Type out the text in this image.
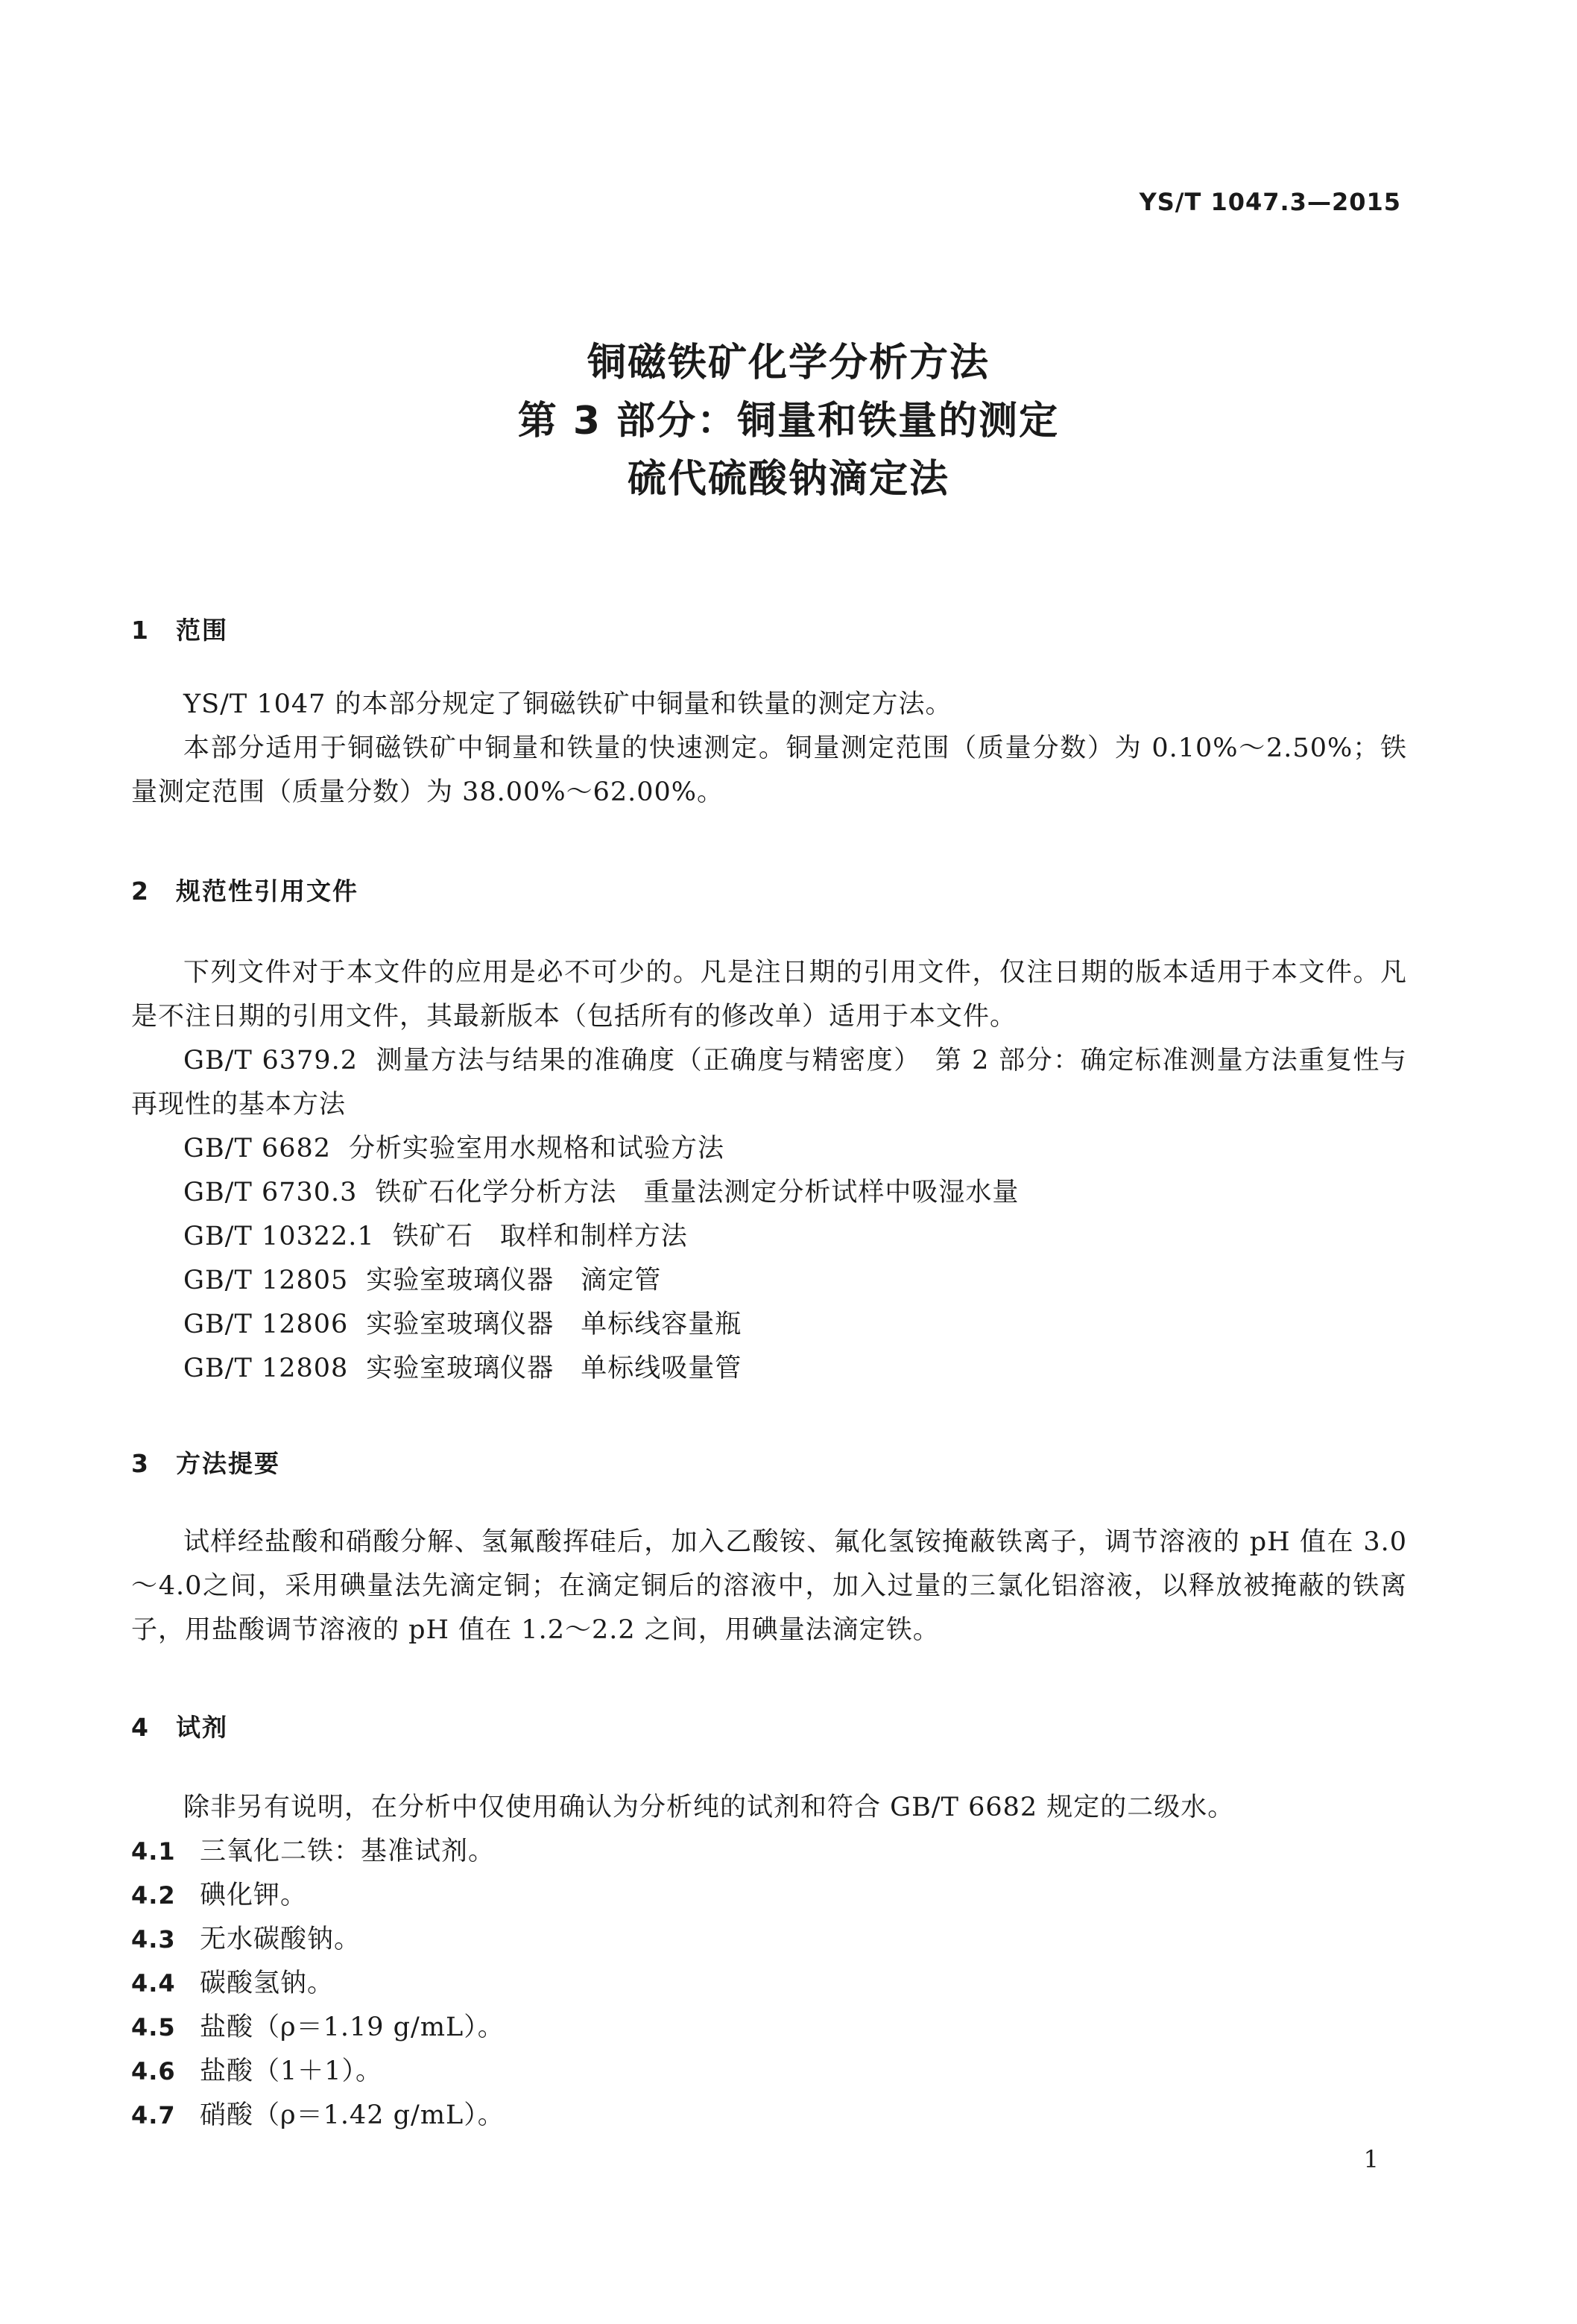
YS/T 1047.3—2015
铜磁铁矿化学分析方法
第 3 部分：铜量和铁量的测定
硫代硫酸钠滴定法
1 范围

YS/T 1047 的本部分规定了铜磁铁矿中铜量和铁量的测定方法。

本部分适用于铜磁铁矿中铜量和铁量的快速测定。铜量测定范围（质量分数）为 0.10%～2.50%；铁量测定范围（质量分数）为 38.00%～62.00%。

2 规范性引用文件

下列文件对于本文件的应用是必不可少的。凡是注日期的引用文件，仅注日期的版本适用于本文件。凡是不注日期的引用文件，其最新版本（包括所有的修改单）适用于本文件。

GB/T 6379.2 测量方法与结果的准确度（正确度与精密度）　第 2 部分：确定标准测量方法重复性与再现性的基本方法

GB/T 6682 分析实验室用水规格和试验方法
GB/T 6730.3 铁矿石化学分析方法　重量法测定分析试样中吸湿水量
GB/T 10322.1 铁矿石　取样和制样方法
GB/T 12805 实验室玻璃仪器　滴定管
GB/T 12806 实验室玻璃仪器　单标线容量瓶
GB/T 12808 实验室玻璃仪器　单标线吸量管
3 方法提要

试样经盐酸和硝酸分解、氢氟酸挥硅后，加入乙酸铵、氟化氢铵掩蔽铁离子，调节溶液的 pH 值在 3.0～4.0之间，采用碘量法先滴定铜；在滴定铜后的溶液中，加入过量的三氯化铝溶液，以释放被掩蔽的铁离子，用盐酸调节溶液的 pH 值在 1.2～2.2 之间，用碘量法滴定铁。

4 试剂

除非另有说明，在分析中仅使用确认为分析纯的试剂和符合 GB/T 6682 规定的二级水。

4.1 三氧化二铁：基准试剂。
4.2 碘化钾。
4.3 无水碳酸钠。
4.4 碳酸氢钠。
4.5 盐酸（ρ＝1.19 g/mL）。
4.6 盐酸（1＋1）。
4.7 硝酸（ρ＝1.42 g/mL）。
1
